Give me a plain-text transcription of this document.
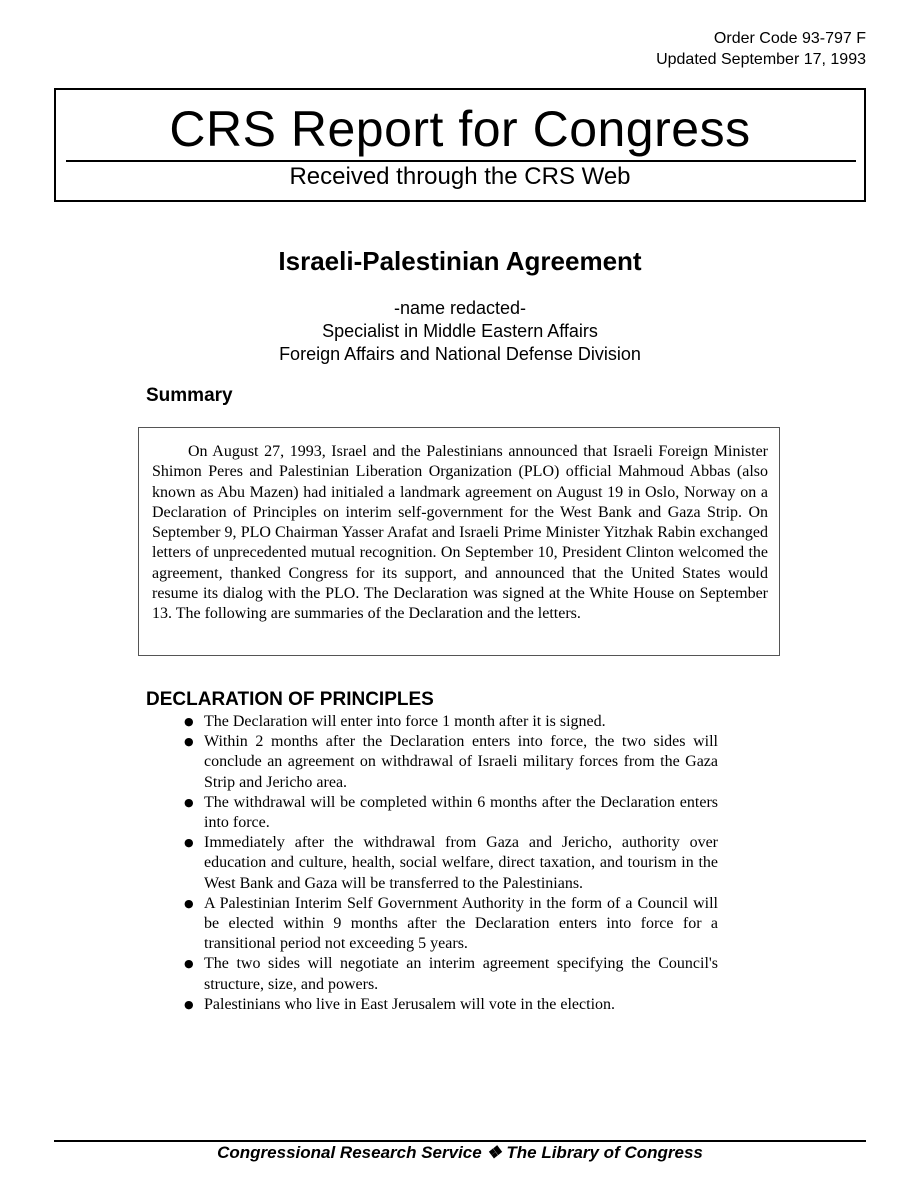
Order Code 93-797 F
Updated September 17, 1993
CRS Report for Congress
Received through the CRS Web
Israeli-Palestinian Agreement
-name redacted-
Specialist in Middle Eastern Affairs
Foreign Affairs and National Defense Division
Summary

On August 27, 1993, Israel and the Palestinians announced that Israeli Foreign Minister Shimon Peres and Palestinian Liberation Organization (PLO) official Mahmoud Abbas (also known as Abu Mazen) had initialed a landmark agreement on August 19 in Oslo, Norway on a Declaration of Principles on interim self-government for the West Bank and Gaza Strip. On September 9, PLO Chairman Yasser Arafat and Israeli Prime Minister Yitzhak Rabin exchanged letters of unprecedented mutual recognition. On September 10, President Clinton welcomed the agreement, thanked Congress for its support, and announced that the United States would resume its dialog with the PLO. The Declaration was signed at the White House on September 13. The following are summaries of the Declaration and the letters.

DECLARATION OF PRINCIPLES
● The Declaration will enter into force 1 month after it is signed.
● Within 2 months after the Declaration enters into force, the two sides will conclude an agreement on withdrawal of Israeli military forces from the Gaza Strip and Jericho area.
● The withdrawal will be completed within 6 months after the Declaration enters into force.
● Immediately after the withdrawal from Gaza and Jericho, authority over education and culture, health, social welfare, direct taxation, and tourism in the West Bank and Gaza will be transferred to the Palestinians.
● A Palestinian Interim Self Government Authority in the form of a Council will be elected within 9 months after the Declaration enters into force for a transitional period not exceeding 5 years.
● The two sides will negotiate an interim agreement specifying the Council's structure, size, and powers.
● Palestinians who live in East Jerusalem will vote in the election.
Congressional Research Service ❖ The Library of Congress
